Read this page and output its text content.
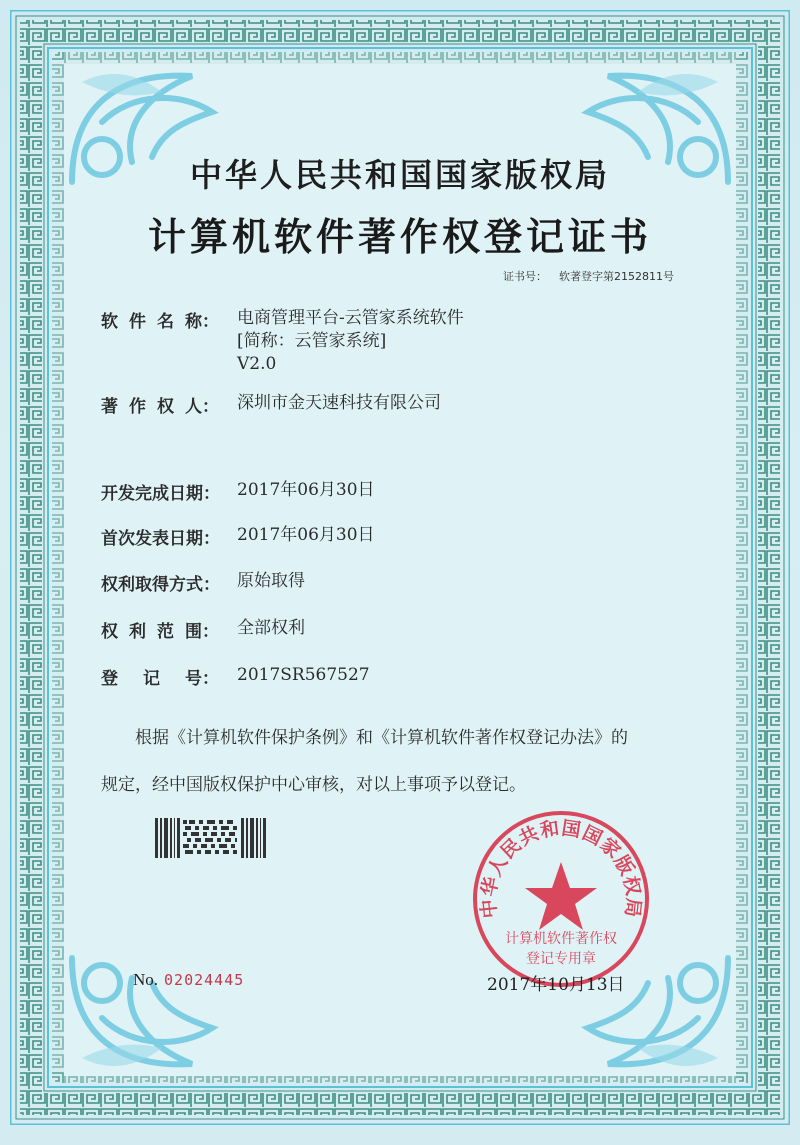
中华人民共和国国家版权局
计算机软件著作权登记证书
证书号： 软著登字第2152811号
软 件 名 称： 电商管理平台-云管家系统软件
[简称：云管家系统]
V2.0
著 作 权 人： 深圳市金天速科技有限公司
开发完成日期：	2017年06月30日
首次发表日期：	2017年06月30日
权利取得方式：	原始取得
权 利 范 围： 全部权利
登 记 号： 2017SR567527
根据《计算机软件保护条例》和《计算机软件著作权登记办法》的
规定，经中国版权保护中心审核，对以上事项予以登记。
No. 02024445
中华人民共和国国家版权局
计算机软件著作权
登记专用章
2017年10月13日
